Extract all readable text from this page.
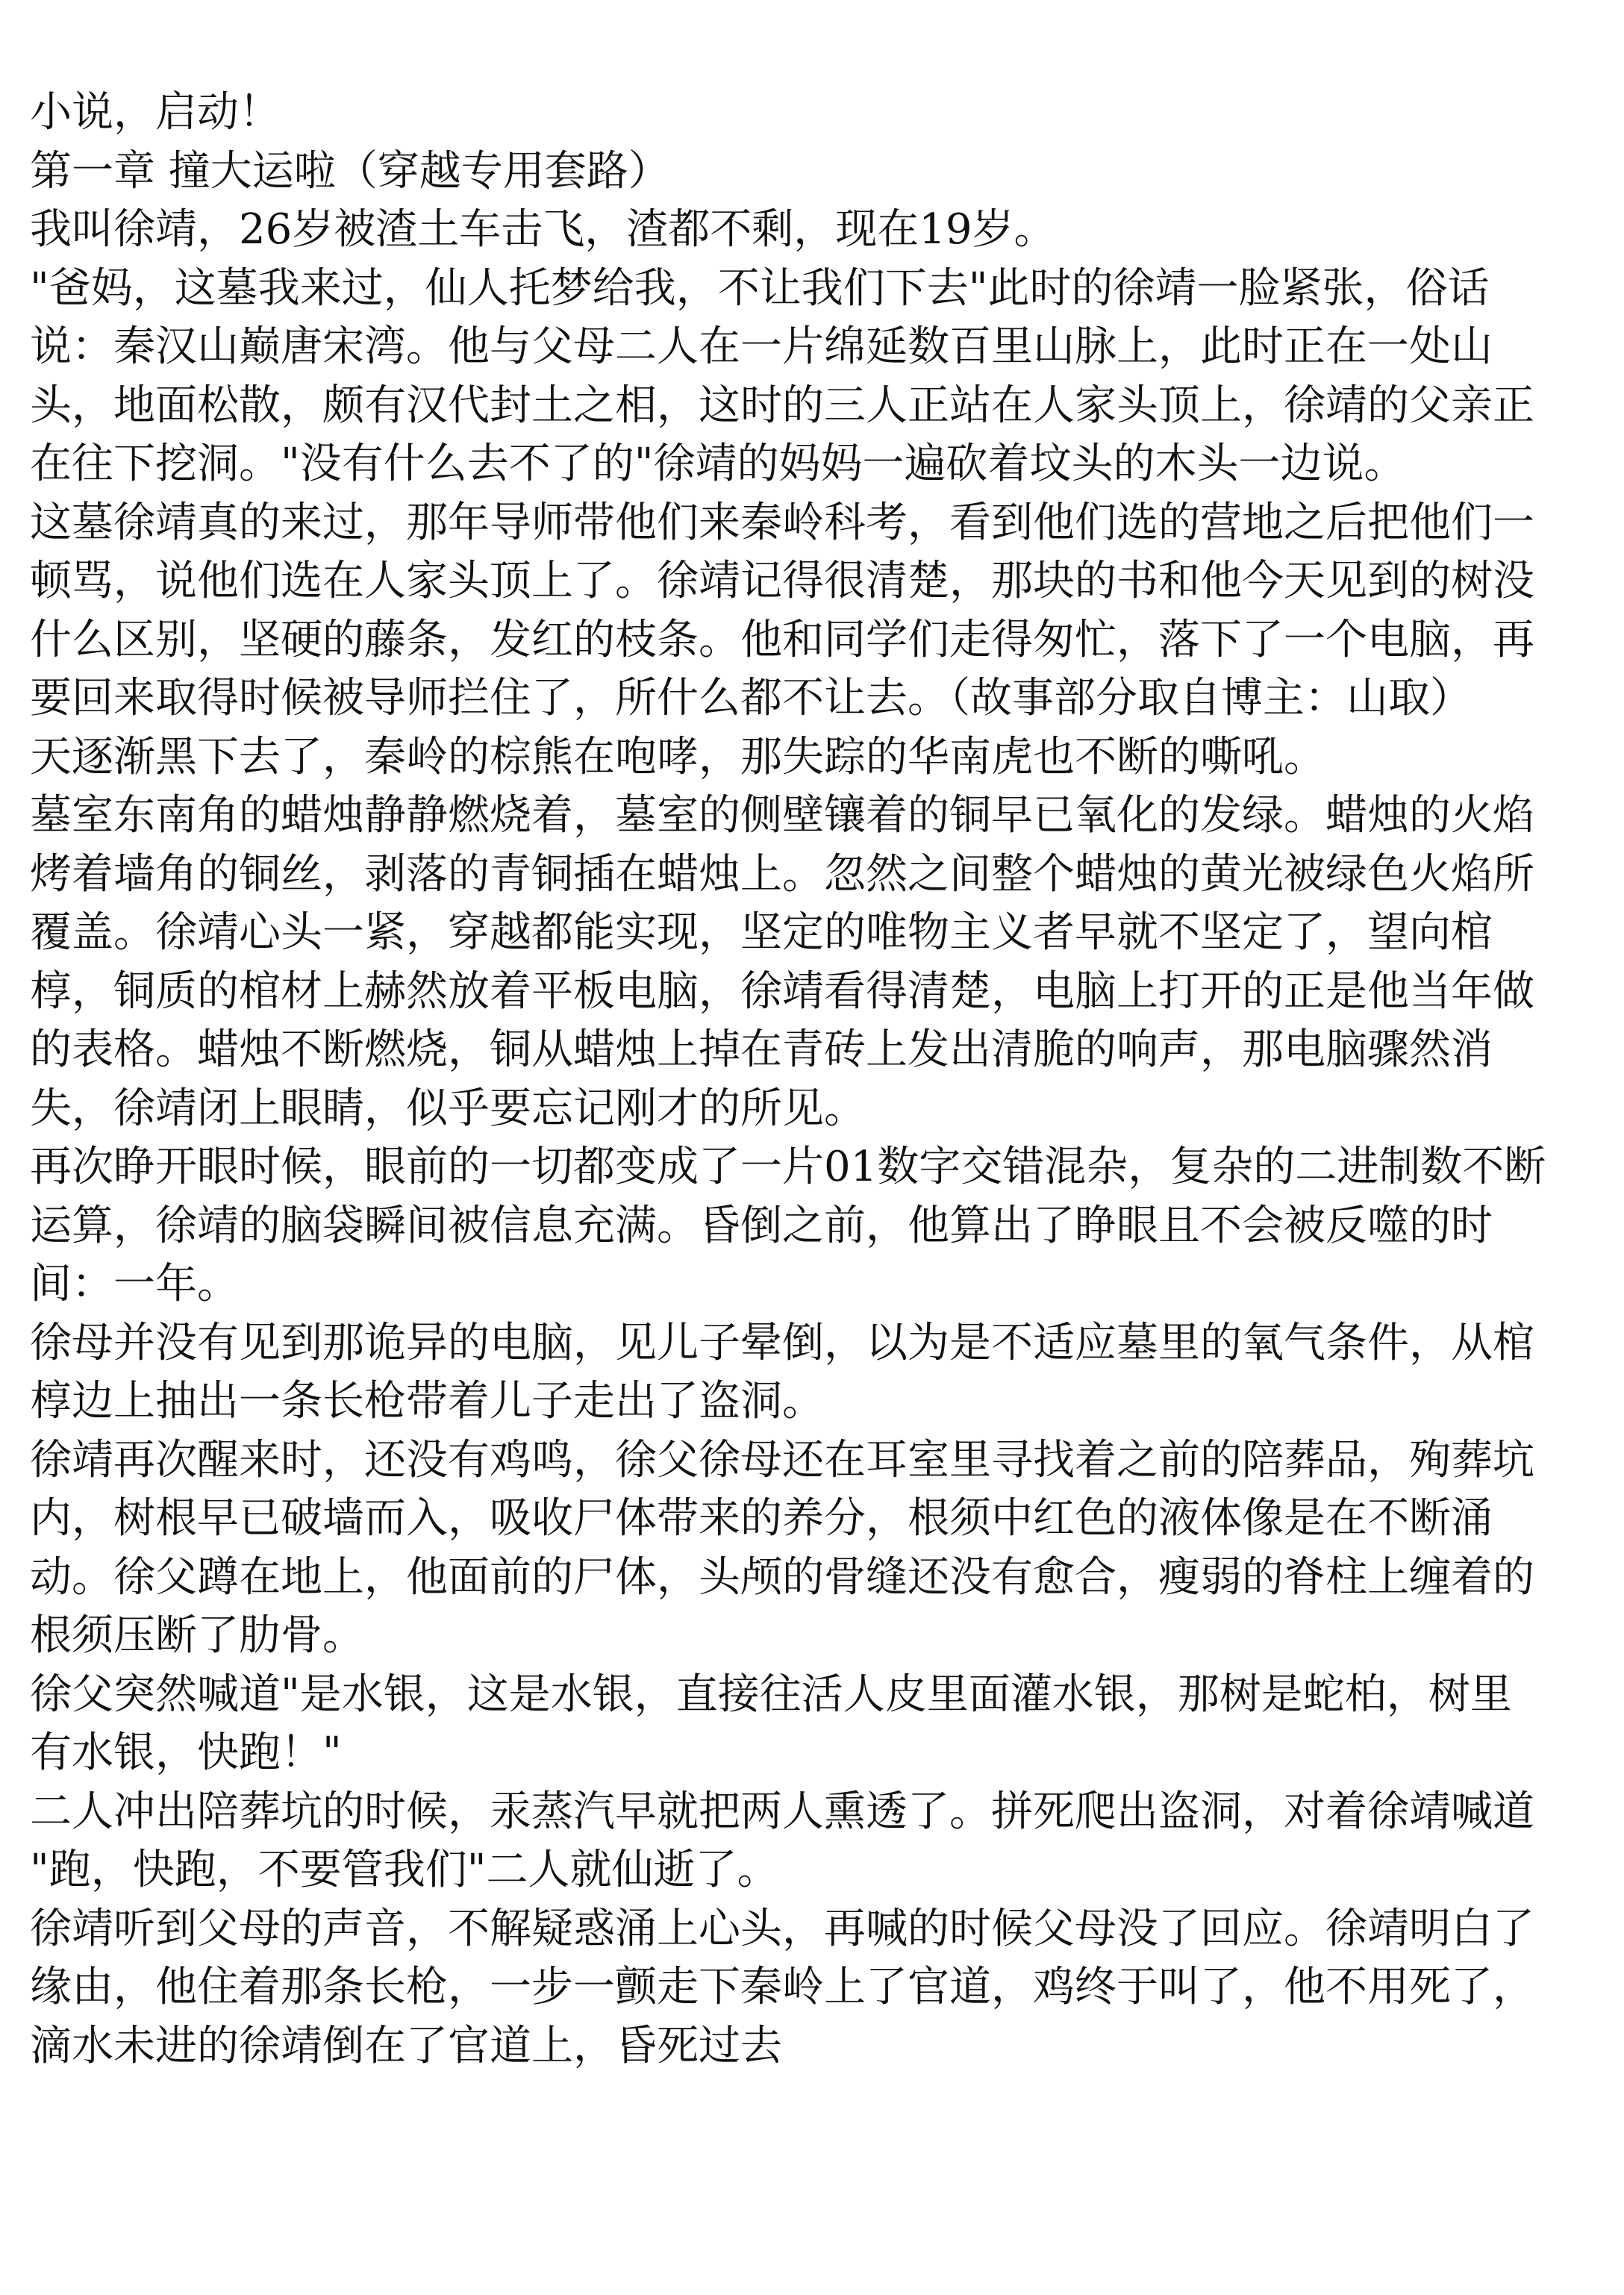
小说，启动！
第一章 撞大运啦（穿越专用套路）
我叫徐靖，26岁被渣土车击飞，渣都不剩，现在19岁。
"爸妈，这墓我来过，仙人托梦给我，不让我们下去"此时的徐靖一脸紧张，俗话
说：秦汉山巅唐宋湾。他与父母二人在一片绵延数百里山脉上，此时正在一处山
头，地面松散，颇有汉代封土之相，这时的三人正站在人家头顶上，徐靖的父亲正
在往下挖洞。"没有什么去不了的"徐靖的妈妈一遍砍着坟头的木头一边说。
这墓徐靖真的来过，那年导师带他们来秦岭科考，看到他们选的营地之后把他们一
顿骂，说他们选在人家头顶上了。徐靖记得很清楚，那块的书和他今天见到的树没
什么区别，坚硬的藤条，发红的枝条。他和同学们走得匆忙，落下了一个电脑，再
要回来取得时候被导师拦住了，所什么都不让去。（故事部分取自博主：山取）
天逐渐黑下去了，秦岭的棕熊在咆哮，那失踪的华南虎也不断的嘶吼。
墓室东南角的蜡烛静静燃烧着，墓室的侧壁镶着的铜早已氧化的发绿。蜡烛的火焰
烤着墙角的铜丝，剥落的青铜插在蜡烛上。忽然之间整个蜡烛的黄光被绿色火焰所
覆盖。徐靖心头一紧，穿越都能实现，坚定的唯物主义者早就不坚定了，望向棺
椁，铜质的棺材上赫然放着平板电脑，徐靖看得清楚，电脑上打开的正是他当年做
的表格。蜡烛不断燃烧，铜从蜡烛上掉在青砖上发出清脆的响声，那电脑骤然消
失，徐靖闭上眼睛，似乎要忘记刚才的所见。
再次睁开眼时候，眼前的一切都变成了一片01数字交错混杂，复杂的二进制数不断
运算，徐靖的脑袋瞬间被信息充满。昏倒之前，他算出了睁眼且不会被反噬的时
间：一年。
徐母并没有见到那诡异的电脑，见儿子晕倒，以为是不适应墓里的氧气条件，从棺
椁边上抽出一条长枪带着儿子走出了盗洞。
徐靖再次醒来时，还没有鸡鸣，徐父徐母还在耳室里寻找着之前的陪葬品，殉葬坑
内，树根早已破墙而入，吸收尸体带来的养分，根须中红色的液体像是在不断涌
动。徐父蹲在地上，他面前的尸体，头颅的骨缝还没有愈合，瘦弱的脊柱上缠着的
根须压断了肋骨。
徐父突然喊道"是水银，这是水银，直接往活人皮里面灌水银，那树是蛇柏，树里
有水银，快跑！"
二人冲出陪葬坑的时候，汞蒸汽早就把两人熏透了。拼死爬出盗洞，对着徐靖喊道
"跑，快跑，不要管我们"二人就仙逝了。
徐靖听到父母的声音，不解疑惑涌上心头，再喊的时候父母没了回应。徐靖明白了
缘由，他住着那条长枪，一步一颤走下秦岭上了官道，鸡终于叫了，他不用死了，
滴水未进的徐靖倒在了官道上，昏死过去
